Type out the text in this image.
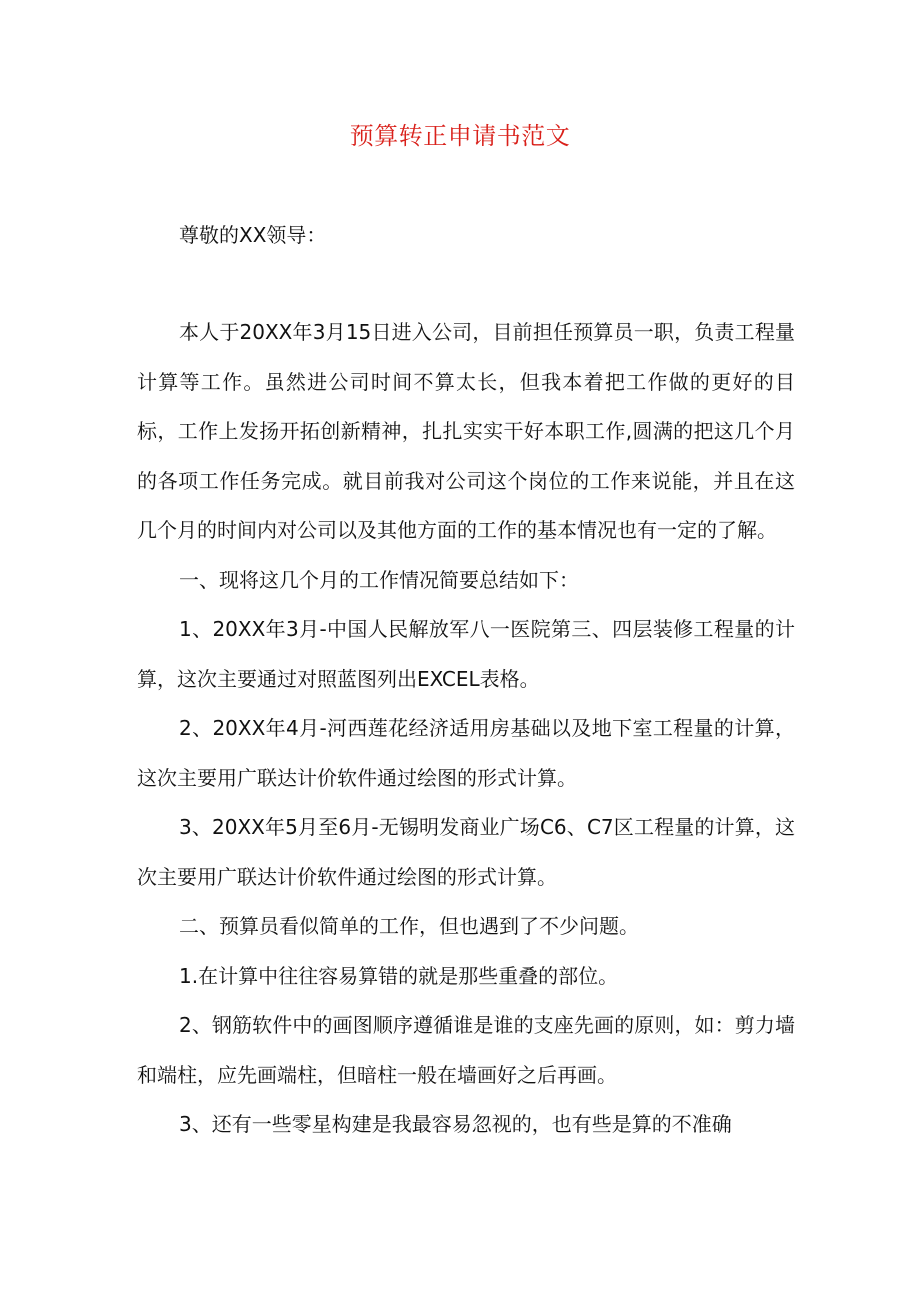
预算转正申请书范文
尊敬的XX领导：

本人于20XX年3月15日进入公司，目前担任预算员一职，负责工程量计算等工作。虽然进公司时间不算太长，但我本着把工作做的更好的目标，工作上发扬开拓创新精神，扎扎实实干好本职工作,圆满的把这几个月的各项工作任务完成。就目前我对公司这个岗位的工作来说能，并且在这几个月的时间内对公司以及其他方面的工作的基本情况也有一定的了解。

一、现将这几个月的工作情况简要总结如下：

1、20XX年3月-中国人民解放军八一医院第三、四层装修工程量的计算，这次主要通过对照蓝图列出EXCEL表格。

2、20XX年4月-河西莲花经济适用房基础以及地下室工程量的计算，这次主要用广联达计价软件通过绘图的形式计算。

3、20XX年5月至6月-无锡明发商业广场C6、C7区工程量的计算，这次主要用广联达计价软件通过绘图的形式计算。

二、预算员看似简单的工作，但也遇到了不少问题。

1.在计算中往往容易算错的就是那些重叠的部位。

2、钢筋软件中的画图顺序遵循谁是谁的支座先画的原则，如：剪力墙和端柱，应先画端柱，但暗柱一般在墙画好之后再画。

3、还有一些零星构建是我最容易忽视的，也有些是算的不准确
